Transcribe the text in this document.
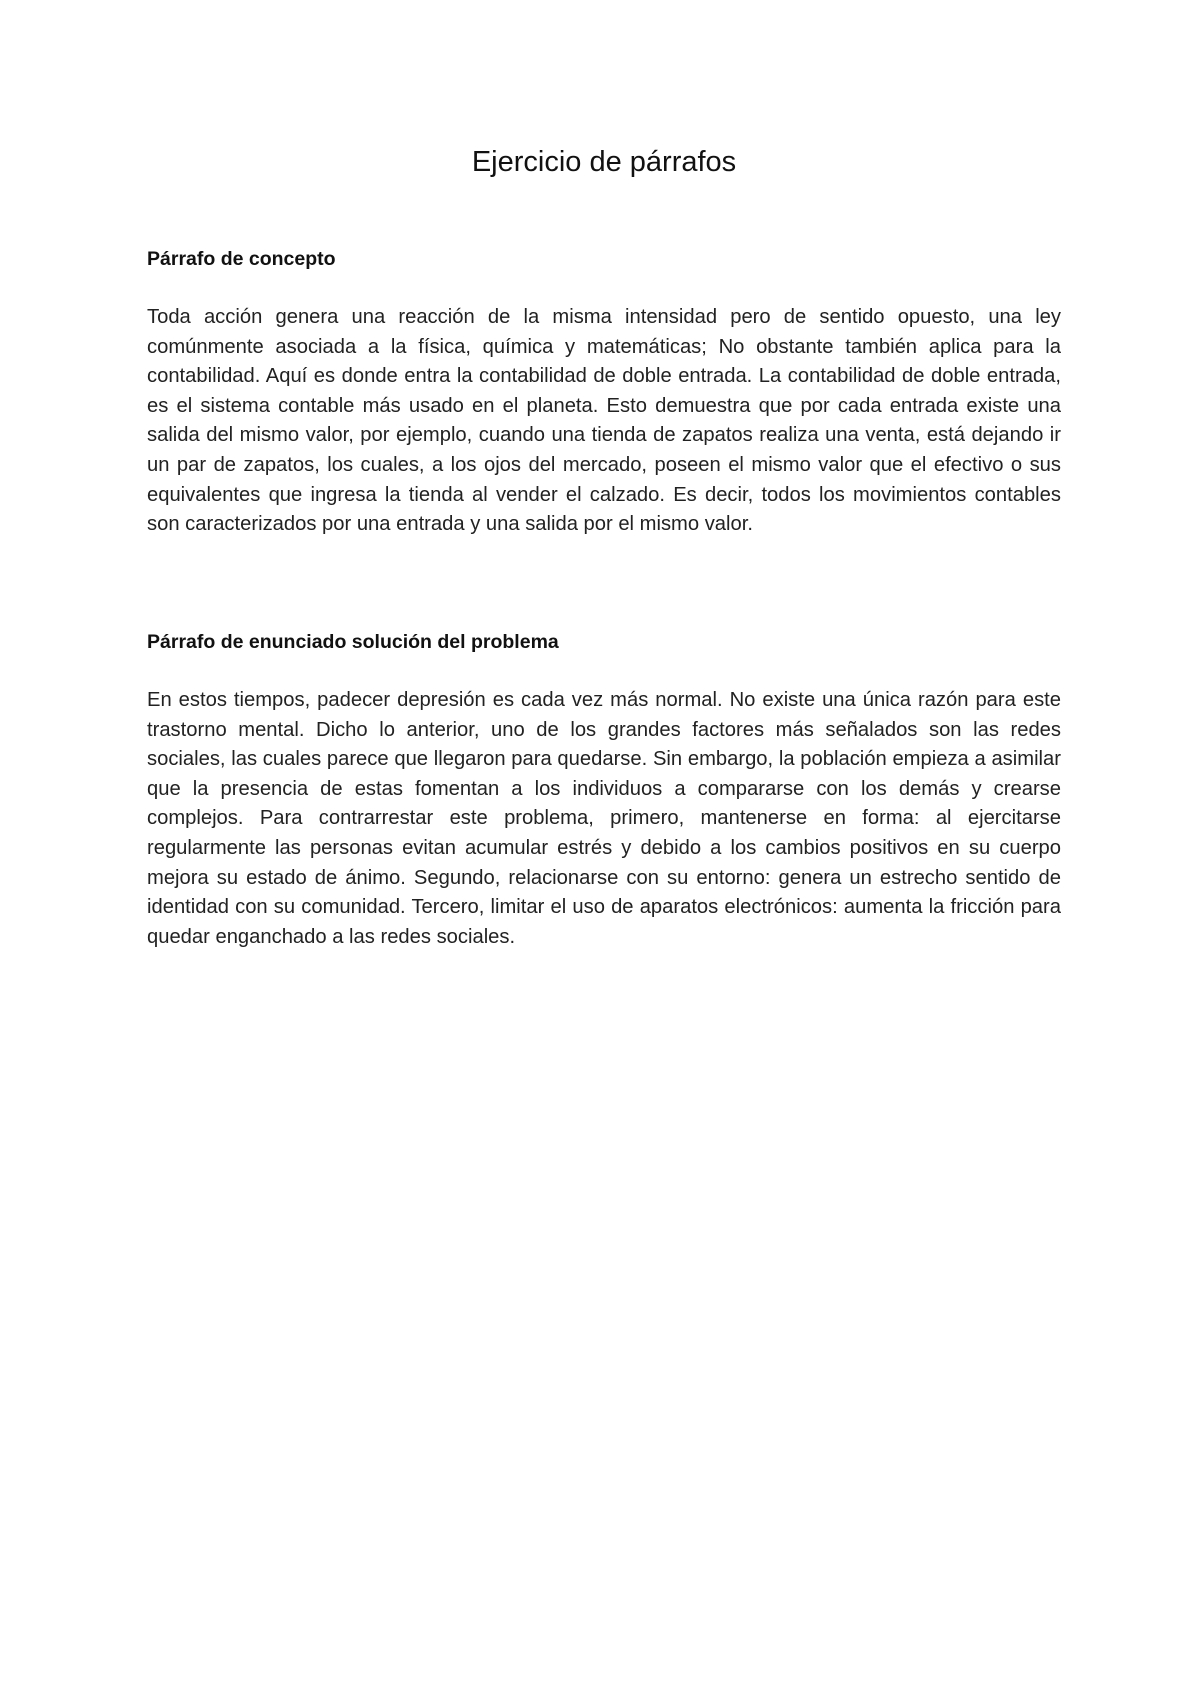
Ejercicio de párrafos
Párrafo de concepto

Toda acción genera una reacción de la misma intensidad pero de sentido opuesto, una ley comúnmente asociada a la física, química y matemáticas; No obstante también aplica para la contabilidad. Aquí es donde entra la contabilidad de doble entrada. La contabilidad de doble entrada, es el sistema contable más usado en el planeta. Esto demuestra que por cada entrada existe una salida del mismo valor, por ejemplo, cuando una tienda de zapatos realiza una venta, está dejando ir un par de zapatos, los cuales, a los ojos del mercado, poseen el mismo valor que el efectivo o sus equivalentes que ingresa la tienda al vender el calzado. Es decir, todos los movimientos contables son caracterizados por una entrada y una salida por el mismo valor.

Párrafo de enunciado solución del problema

En estos tiempos, padecer depresión es cada vez más normal. No existe una única razón para este trastorno mental. Dicho lo anterior, uno de los grandes factores más señalados son las redes sociales, las cuales parece que llegaron para quedarse. Sin embargo, la población empieza a asimilar que la presencia de estas fomentan a los individuos a compararse con los demás y crearse complejos. Para contrarrestar este problema, primero, mantenerse en forma: al ejercitarse regularmente las personas evitan acumular estrés y debido a los cambios positivos en su cuerpo mejora su estado de ánimo. Segundo, relacionarse con su entorno: genera un estrecho sentido de identidad con su comunidad. Tercero, limitar el uso de aparatos electrónicos: aumenta la fricción para quedar enganchado a las redes sociales.
